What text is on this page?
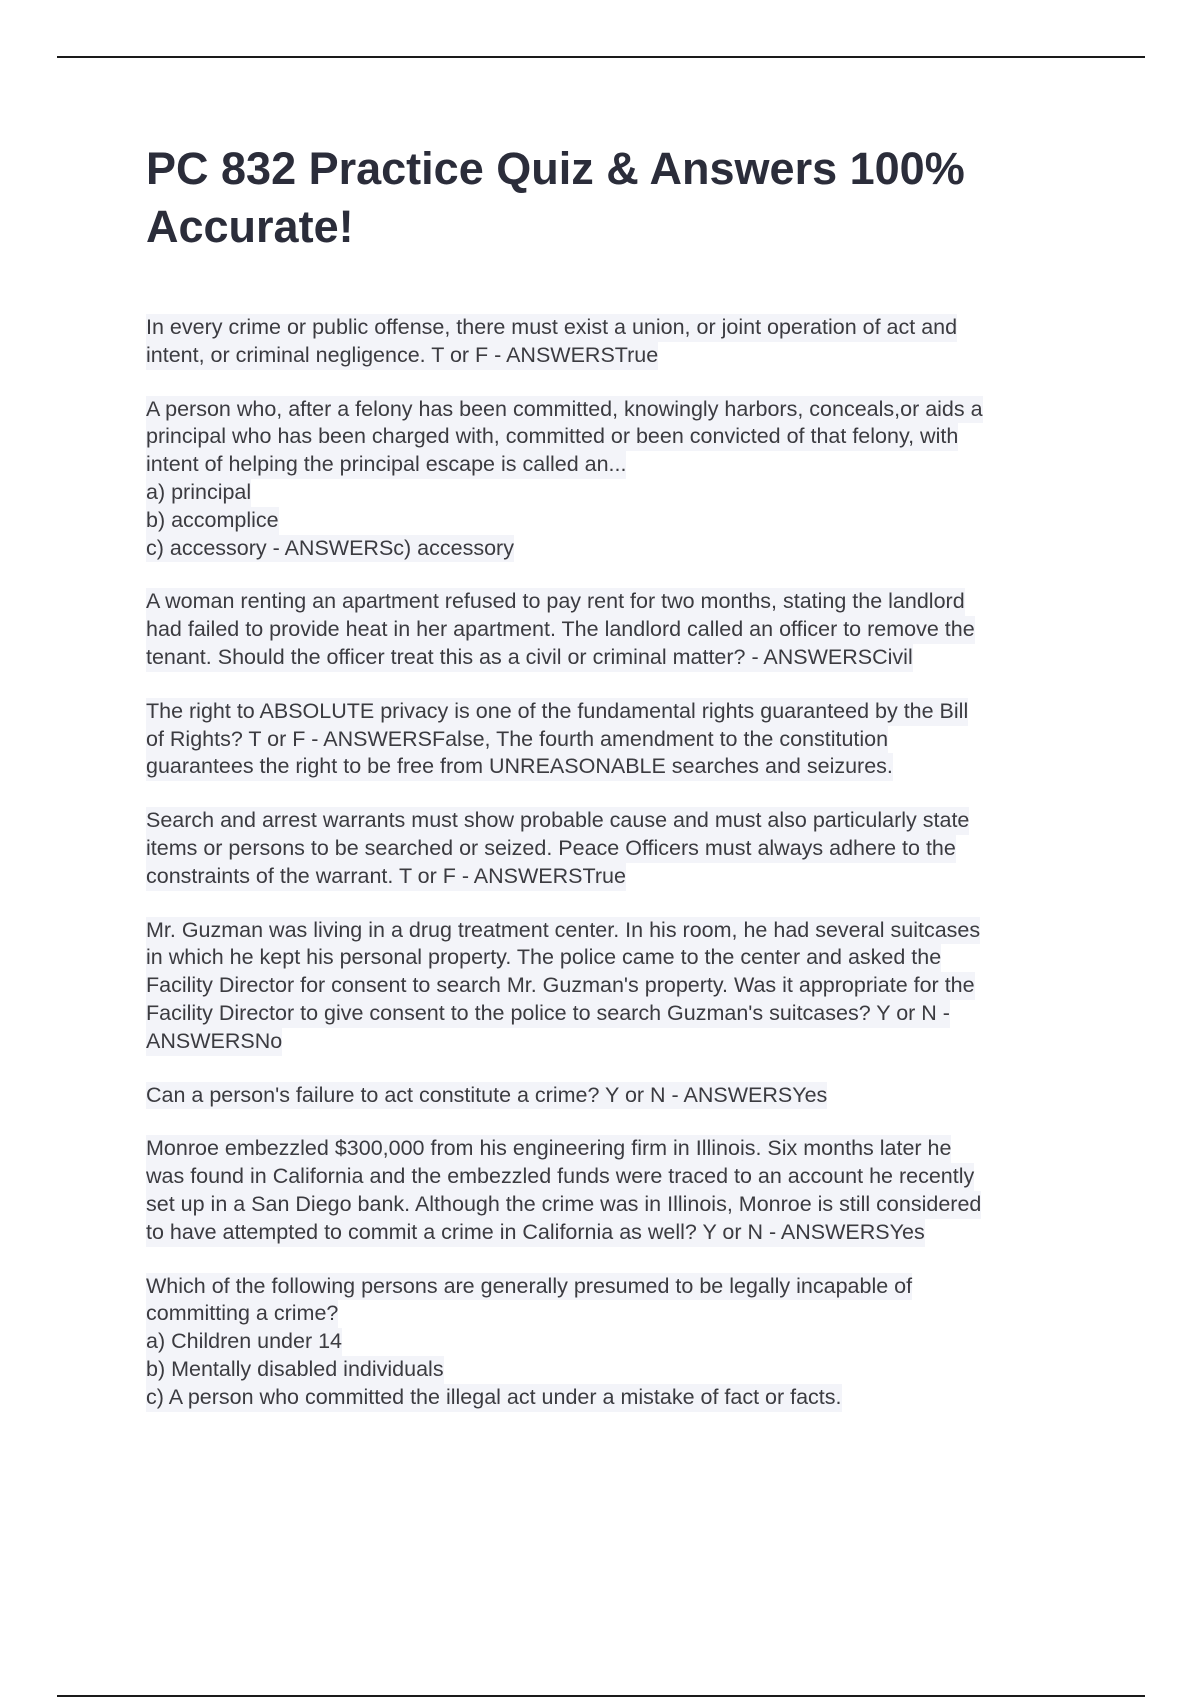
PC 832 Practice Quiz & Answers 100% Accurate!
In every crime or public offense, there must exist a union, or joint operation of act and
intent, or criminal negligence. T or F - ANSWERSTrue
A person who, after a felony has been committed, knowingly harbors, conceals,or aids a
principal who has been charged with, committed or been convicted of that felony, with
intent of helping the principal escape is called an...
a) principal
b) accomplice
c) accessory - ANSWERSc) accessory
A woman renting an apartment refused to pay rent for two months, stating the landlord
had failed to provide heat in her apartment. The landlord called an officer to remove the
tenant. Should the officer treat this as a civil or criminal matter? - ANSWERSCivil
The right to ABSOLUTE privacy is one of the fundamental rights guaranteed by the Bill
of Rights? T or F - ANSWERSFalse, The fourth amendment to the constitution
guarantees the right to be free from UNREASONABLE searches and seizures.
Search and arrest warrants must show probable cause and must also particularly state
items or persons to be searched or seized. Peace Officers must always adhere to the
constraints of the warrant. T or F - ANSWERSTrue
Mr. Guzman was living in a drug treatment center. In his room, he had several suitcases
in which he kept his personal property. The police came to the center and asked the
Facility Director for consent to search Mr. Guzman's property. Was it appropriate for the
Facility Director to give consent to the police to search Guzman's suitcases? Y or N -
ANSWERSNo
Can a person's failure to act constitute a crime? Y or N - ANSWERSYes
Monroe embezzled $300,000 from his engineering firm in Illinois. Six months later he
was found in California and the embezzled funds were traced to an account he recently
set up in a San Diego bank. Although the crime was in Illinois, Monroe is still considered
to have attempted to commit a crime in California as well? Y or N - ANSWERSYes
Which of the following persons are generally presumed to be legally incapable of
committing a crime?
a) Children under 14
b) Mentally disabled individuals
c) A person who committed the illegal act under a mistake of fact or facts.
